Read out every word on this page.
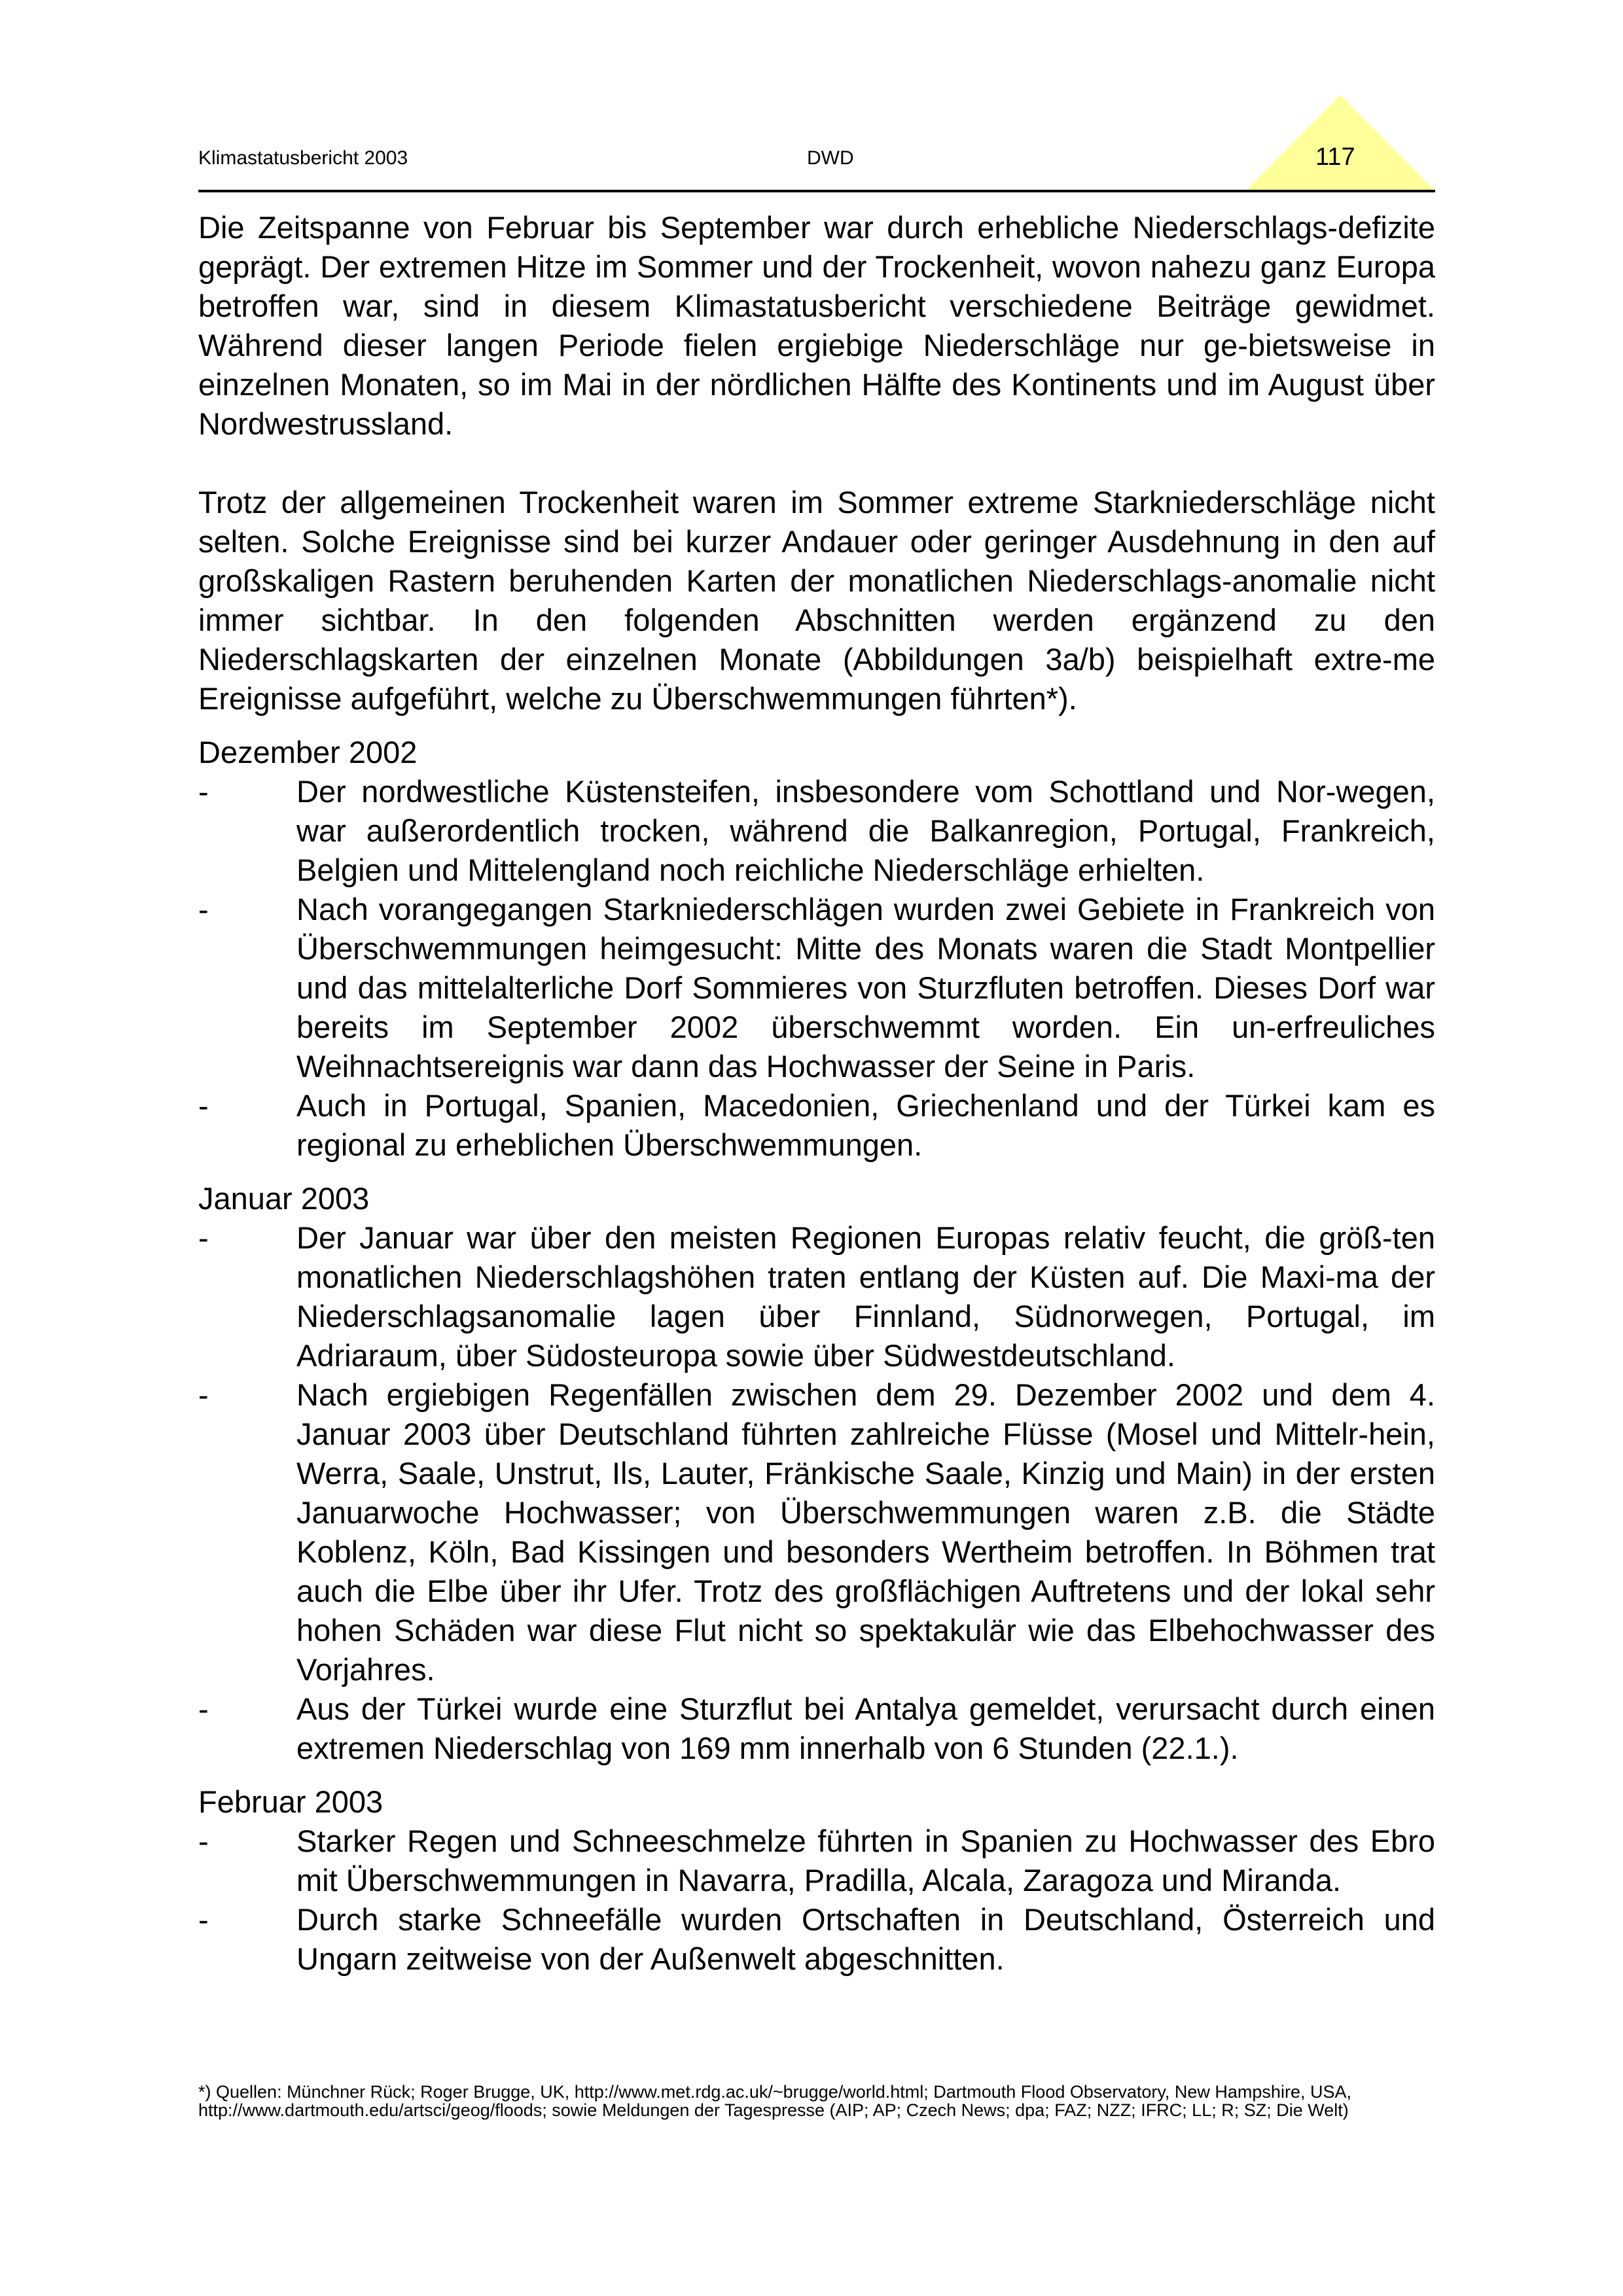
Klimastatusbericht 2003	DWD	117

Die Zeitspanne von Februar bis September war durch erhebliche Niederschlags-defizite geprägt. Der extremen Hitze im Sommer und der Trockenheit, wovon nahezu ganz Europa betroffen war, sind in diesem Klimastatusbericht verschiedene Beiträge gewidmet. Während dieser langen Periode fielen ergiebige Niederschläge nur ge-bietsweise in einzelnen Monaten, so im Mai in der nördlichen Hälfte des Kontinents und im August über Nordwestrussland.

Trotz der allgemeinen Trockenheit waren im Sommer extreme Starkniederschläge nicht selten. Solche Ereignisse sind bei kurzer Andauer oder geringer Ausdehnung in den auf großskaligen Rastern beruhenden Karten der monatlichen Niederschlags-anomalie nicht immer sichtbar. In den folgenden Abschnitten werden ergänzend zu den Niederschlagskarten der einzelnen Monate (Abbildungen 3a/b) beispielhaft extre-me Ereignisse aufgeführt, welche zu Überschwemmungen führten*).

Dezember 2002

-	Der nordwestliche Küstensteifen, insbesondere vom Schottland und Nor-wegen, war außerordentlich trocken, während die Balkanregion, Portugal, Frankreich, Belgien und Mittelengland noch reichliche Niederschläge erhielten.
-	Nach vorangegangen Starkniederschlägen wurden zwei Gebiete in Frankreich von Überschwemmungen heimgesucht: Mitte des Monats waren die Stadt Montpellier und das mittelalterliche Dorf Sommieres von Sturzfluten betroffen. Dieses Dorf war bereits im September 2002 überschwemmt worden. Ein un-erfreuliches Weihnachtsereignis war dann das Hochwasser der Seine in Paris.
-	Auch in Portugal, Spanien, Macedonien, Griechenland und der Türkei kam es regional zu erheblichen Überschwemmungen.

Januar 2003

-	Der Januar war über den meisten Regionen Europas relativ feucht, die größ-ten monatlichen Niederschlagshöhen traten entlang der Küsten auf. Die Maxi-ma der Niederschlagsanomalie lagen über Finnland, Südnorwegen, Portugal, im Adriaraum, über Südosteuropa sowie über Südwestdeutschland.
-	Nach ergiebigen Regenfällen zwischen dem 29. Dezember 2002 und dem 4. Januar 2003 über Deutschland führten zahlreiche Flüsse (Mosel und Mittelr-hein, Werra, Saale, Unstrut, Ils, Lauter, Fränkische Saale, Kinzig und Main) in der ersten Januarwoche Hochwasser; von Überschwemmungen waren z.B. die Städte Koblenz, Köln, Bad Kissingen und besonders Wertheim betroffen. In Böhmen trat auch die Elbe über ihr Ufer. Trotz des großflächigen Auftretens und der lokal sehr hohen Schäden war diese Flut nicht so spektakulär wie das Elbehochwasser des Vorjahres.
-	Aus der Türkei wurde eine Sturzflut bei Antalya gemeldet, verursacht durch einen extremen Niederschlag von 169 mm innerhalb von 6 Stunden (22.1.).

Februar 2003

-	Starker Regen und Schneeschmelze führten in Spanien zu Hochwasser des Ebro mit Überschwemmungen in Navarra, Pradilla, Alcala, Zaragoza und Miranda.
-	Durch starke Schneefälle wurden Ortschaften in Deutschland, Österreich und Ungarn zeitweise von der Außenwelt abgeschnitten.
*) Quellen: Münchner Rück; Roger Brugge, UK, http://www.met.rdg.ac.uk/~brugge/world.html; Dartmouth Flood Observatory, New Hampshire, USA, http://www.dartmouth.edu/artsci/geog/floods; sowie Meldungen der Tagespresse (AIP; AP; Czech News; dpa; FAZ; NZZ; IFRC; LL; R; SZ; Die Welt)
